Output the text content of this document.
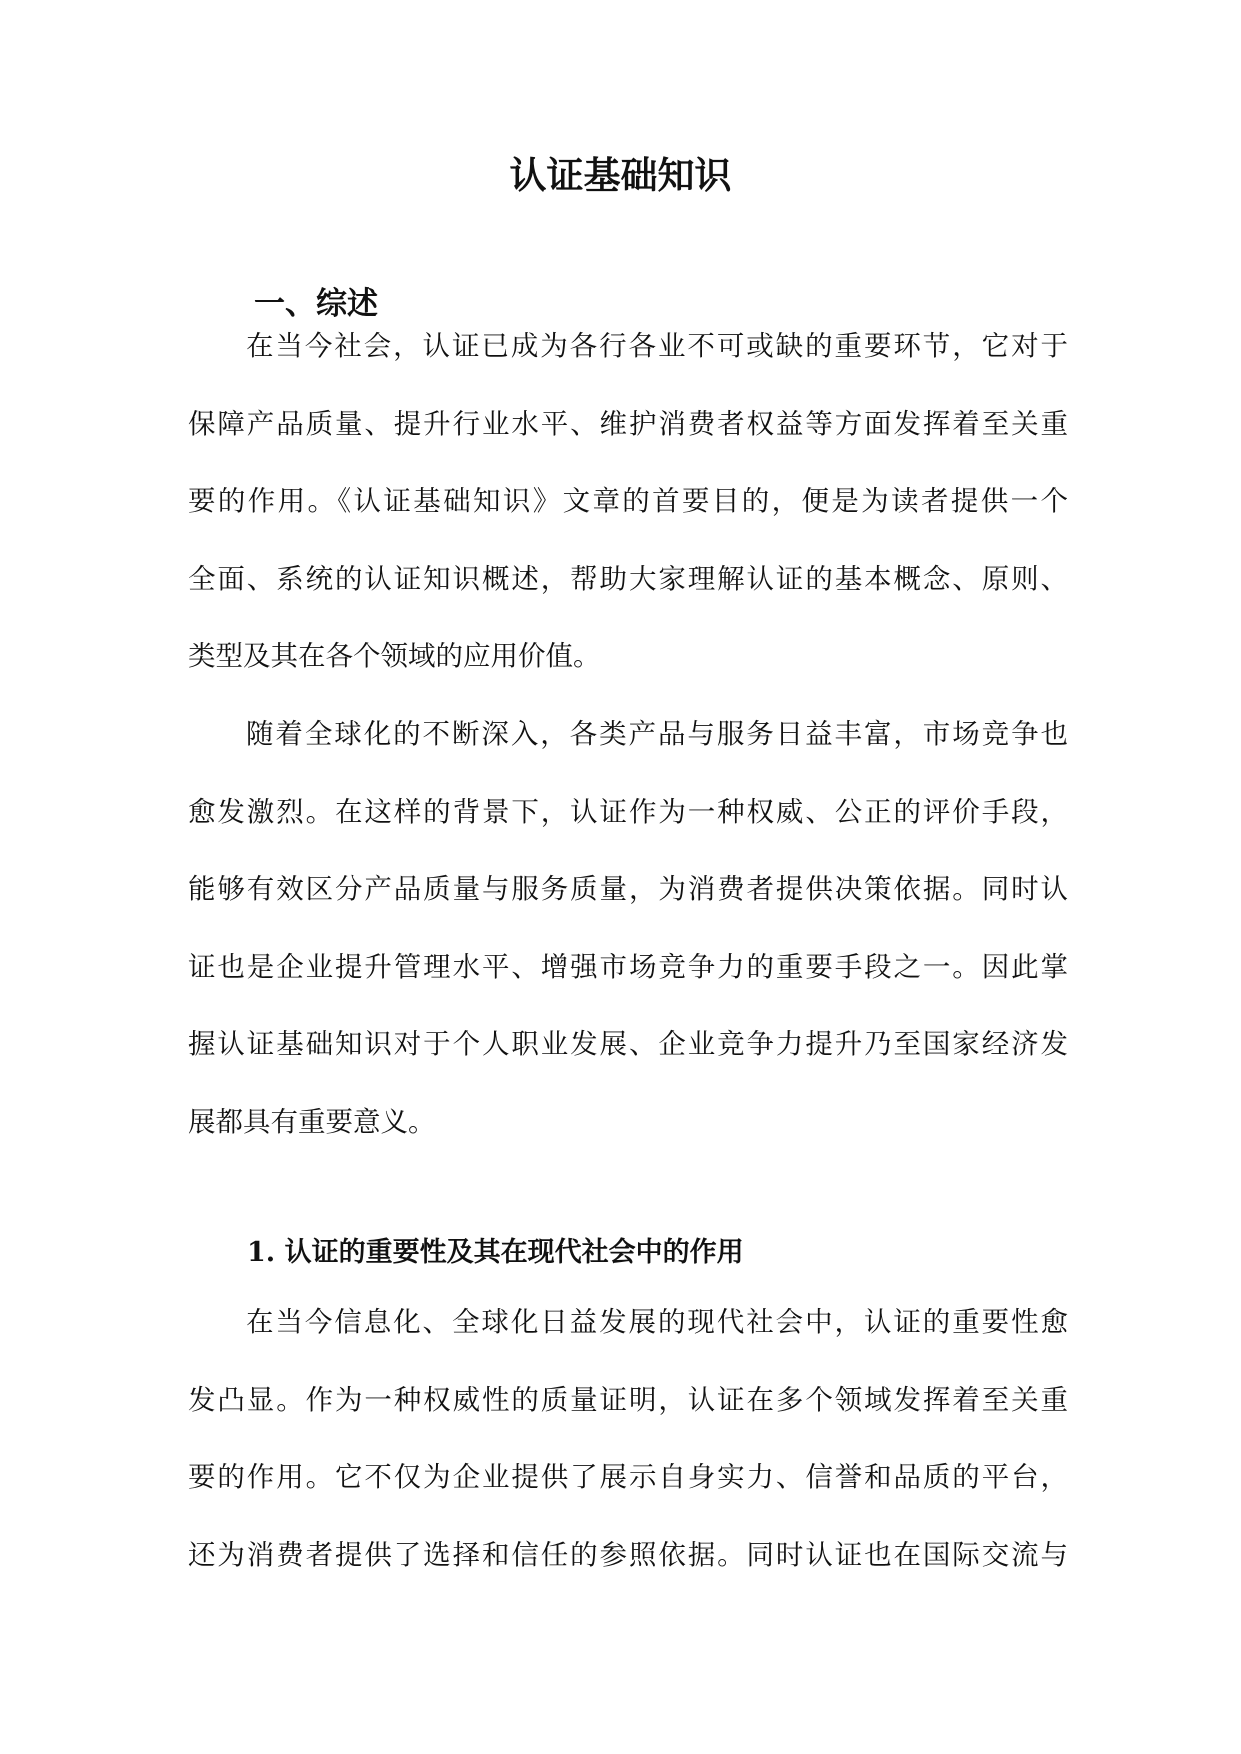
认证基础知识
一、综述

在当今社会，认证已成为各行各业不可或缺的重要环节，它对于
保障产品质量、提升行业水平、维护消费者权益等方面发挥着至关重
要的作用。《认证基础知识》文章的首要目的，便是为读者提供一个
全面、系统的认证知识概述，帮助大家理解认证的基本概念、原则、
类型及其在各个领域的应用价值。

随着全球化的不断深入，各类产品与服务日益丰富，市场竞争也
愈发激烈。在这样的背景下，认证作为一种权威、公正的评价手段，
能够有效区分产品质量与服务质量，为消费者提供决策依据。同时认
证也是企业提升管理水平、增强市场竞争力的重要手段之一。因此掌
握认证基础知识对于个人职业发展、企业竞争力提升乃至国家经济发
展都具有重要意义。

1. 认证的重要性及其在现代社会中的作用

在当今信息化、全球化日益发展的现代社会中，认证的重要性愈
发凸显。作为一种权威性的质量证明，认证在多个领域发挥着至关重
要的作用。它不仅为企业提供了展示自身实力、信誉和品质的平台，
还为消费者提供了选择和信任的参照依据。同时认证也在国际交流与
